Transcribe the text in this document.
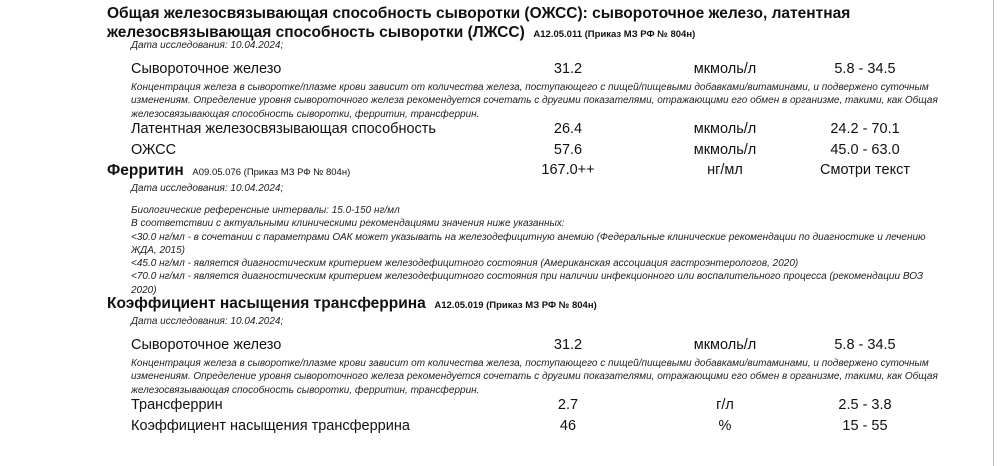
Общая железосвязывающая способность сыворотки (ОЖСС): сывороточное железо, латентная
железосвязывающая способность сыворотки (ЛЖСС) A12.05.011 (Приказ МЗ РФ № 804н)
Дата исследования: 10.04.2024;
Сывороточное железо	31.2	мкмоль/л	5.8 - 34.5
Концентрация железа в сыворотке/плазме крови зависит от количества железа, поступающего с пищей/пищевыми добавками/витаминами, и подвержено суточным изменениям. Определение уровня сывороточного железа рекомендуется сочетать с другими показателями, отражающими его обмен в организме, такими, как Общая железосвязывающая способность сыворотки, ферритин, трансферрин.
Латентная железосвязывающая способность	26.4	мкмоль/л	24.2 - 70.1
ОЖСС	57.6	мкмоль/л	45.0 - 63.0
Ферритин A09.05.076 (Приказ МЗ РФ № 804н)	167.0++	нг/мл	Смотри текст
Дата исследования: 10.04.2024;
Биологические референсные интервалы: 15.0-150 нг/мл
В соответствии с актуальными клиническими рекомендациями значения ниже указанных:
<30.0 нг/мл - в сочетании с параметрами ОАК может указывать на железодефицитную анемию (Федеральные клинические рекомендации по диагностике и лечению ЖДА, 2015)
<45.0 нг/мл - является диагностическим критерием железодефицитного состояния (Американская ассоциация гастроэнтерологов, 2020)
<70.0 нг/мл - является диагностическим критерием железодефицитного состояния при наличии инфекционного или воспалительного процесса (рекомендации ВОЗ 2020)
Коэффициент насыщения трансферрина A12.05.019 (Приказ МЗ РФ № 804н)
Дата исследования: 10.04.2024;
Сывороточное железо	31.2	мкмоль/л	5.8 - 34.5
Концентрация железа в сыворотке/плазме крови зависит от количества железа, поступающего с пищей/пищевыми добавками/витаминами, и подвержено суточным изменениям. Определение уровня сывороточного железа рекомендуется сочетать с другими показателями, отражающими его обмен в организме, такими, как Общая железосвязывающая способность сыворотки, ферритин, трансферрин.
Трансферрин	2.7	г/л	2.5 - 3.8
Коэффициент насыщения трансферрина	46	%	15 - 55
